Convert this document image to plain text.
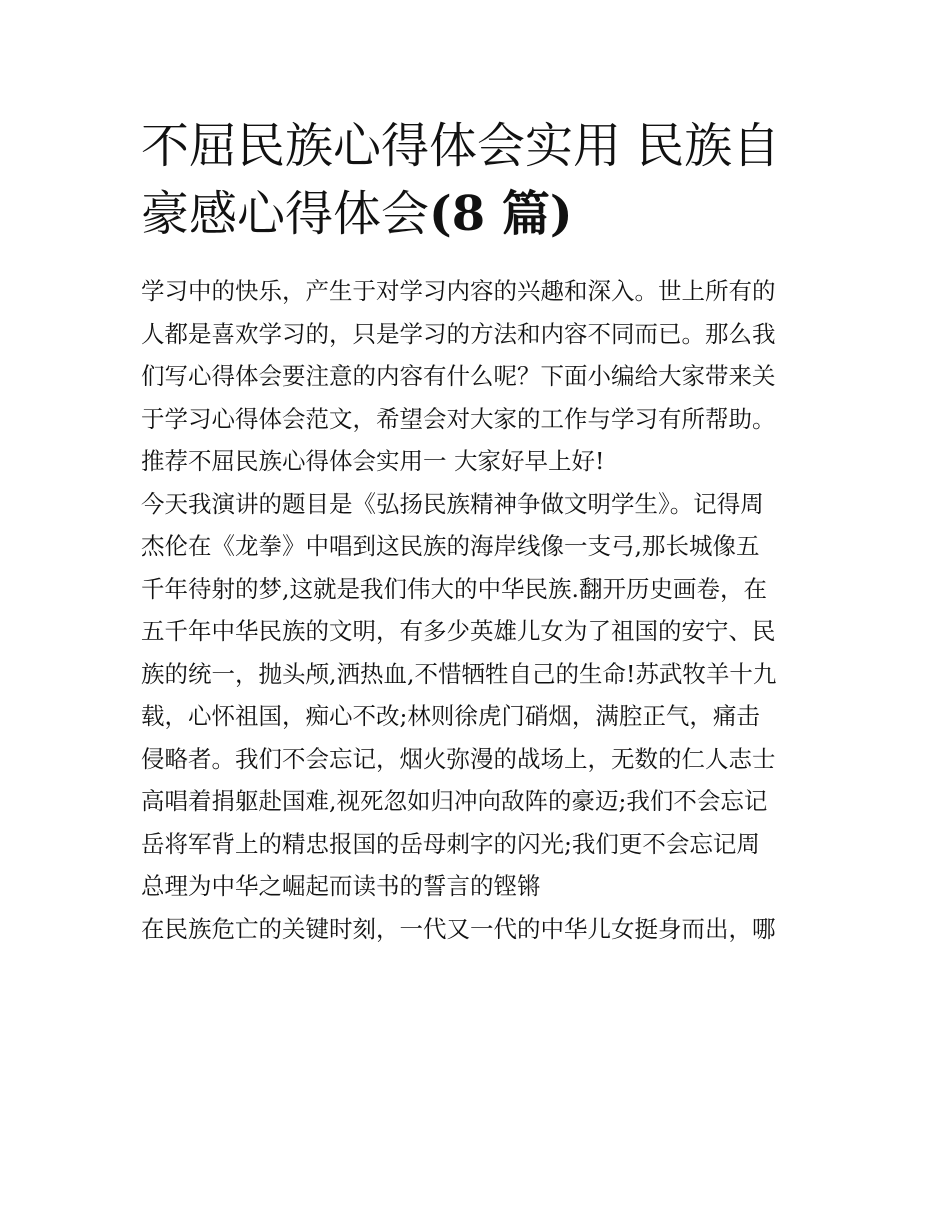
不屈民族心得体会实用 民族自
豪感心得体会(8 篇)
学习中的快乐，产生于对学习内容的兴趣和深入。世上所有的
人都是喜欢学习的，只是学习的方法和内容不同而已。那么我
们写心得体会要注意的内容有什么呢？下面小编给大家带来关
于学习心得体会范文，希望会对大家的工作与学习有所帮助。
推荐不屈民族心得体会实用一 大家好早上好!
今天我演讲的题目是《弘扬民族精神争做文明学生》。记得周
杰伦在《龙拳》中唱到这民族的海岸线像一支弓,那长城像五
千年待射的梦,这就是我们伟大的中华民族.翻开历史画卷，在
五千年中华民族的文明，有多少英雄儿女为了祖国的安宁、民
族的统一，抛头颅,洒热血,不惜牺牲自己的生命!苏武牧羊十九
载，心怀祖国，痴心不改;林则徐虎门硝烟，满腔正气，痛击
侵略者。我们不会忘记，烟火弥漫的战场上，无数的仁人志士
高唱着捐躯赴国难,视死忽如归冲向敌阵的豪迈;我们不会忘记
岳将军背上的精忠报国的岳母刺字的闪光;我们更不会忘记周
总理为中华之崛起而读书的誓言的铿锵
在民族危亡的关键时刻，一代又一代的中华儿女挺身而出，哪
